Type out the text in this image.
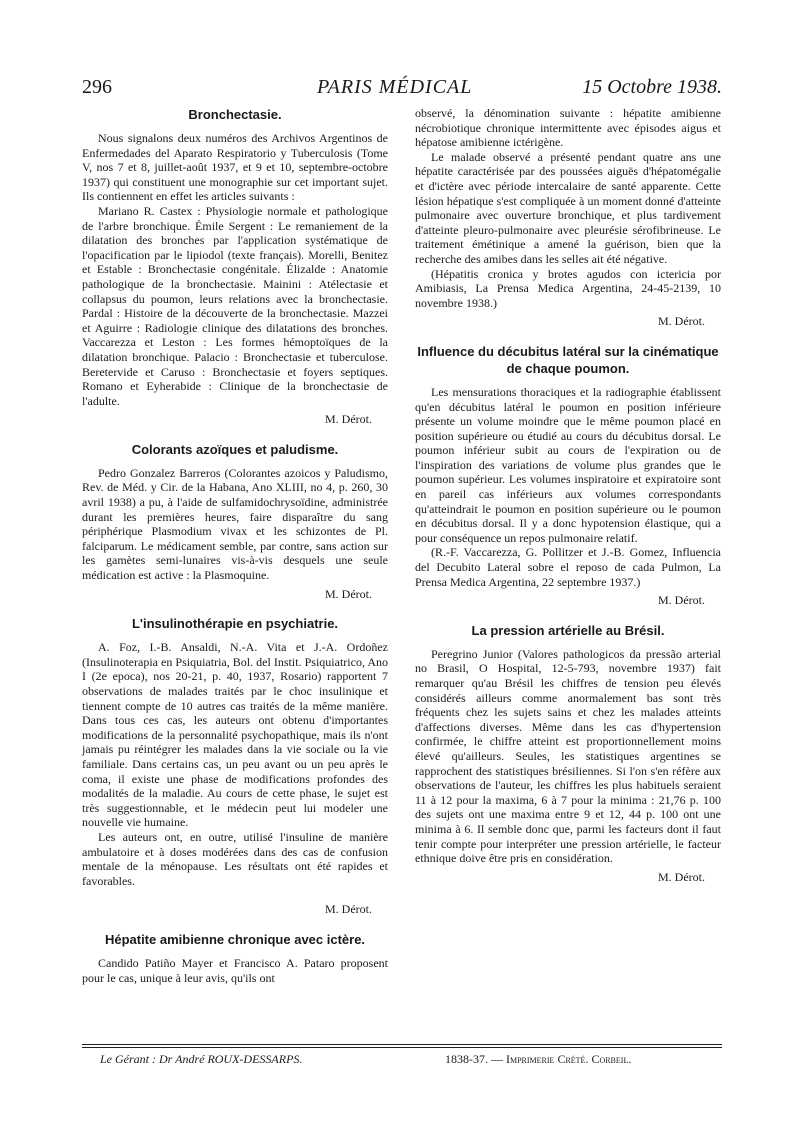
296	PARIS MÉDICAL	15 Octobre 1938.
Bronchectasie.

Nous signalons deux numéros des Archivos Argentinos de Enfermedades del Aparato Respiratorio y Tuberculosis (Tome V, nos 7 et 8, juillet-août 1937, et 9 et 10, septembre-octobre 1937) qui constituent une monographie sur cet important sujet. Ils contiennent en effet les articles suivants :

Mariano R. Castex : Physiologie normale et pathologique de l'arbre bronchique. Émile Sergent : Le remaniement de la dilatation des bronches par l'application systématique de l'opacification par le lipiodol (texte français). Morelli, Benitez et Estable : Bronchectasie congénitale. Élizalde : Anatomie pathologique de la bronchectasie. Mainini : Atélectasie et collapsus du poumon, leurs relations avec la bronchectasie. Pardal : Histoire de la découverte de la bronchectasie. Mazzei et Aguirre : Radiologie clinique des dilatations des bronches. Vaccarezza et Leston : Les formes hémoptoïques de la dilatation bronchique. Palacio : Bronchectasie et tuberculose. Beretervide et Caruso : Bronchectasie et foyers septiques. Romano et Eyherabide : Clinique de la bronchectasie de l'adulte.

M. Dérot.

Colorants azoïques et paludisme.

Pedro Gonzalez Barreros (Colorantes azoicos y Paludismo, Rev. de Méd. y Cir. de la Habana, Ano XLIII, no 4, p. 260, 30 avril 1938) a pu, à l'aide de sulfamidochrysoïdine, administrée durant les premières heures, faire disparaître du sang périphérique Plasmodium vivax et les schizontes de Pl. falciparum. Le médicament semble, par contre, sans action sur les gamètes semi-lunaires vis-à-vis desquels une seule médication est active : la Plasmoquine.

M. Dérot.

L'insulinothérapie en psychiatrie.

A. Foz, I.-B. Ansaldi, N.-A. Vita et J.-A. Ordoñez (Insulinoterapia en Psiquiatria, Bol. del Instit. Psiquiatrico, Ano I (2e epoca), nos 20-21, p. 40, 1937, Rosario) rapportent 7 observations de malades traités par le choc insulinique et tiennent compte de 10 autres cas traités de la même manière. Dans tous ces cas, les auteurs ont obtenu d'importantes modifications de la personnalité psychopathique, mais ils n'ont jamais pu réintégrer les malades dans la vie sociale ou la vie familiale. Dans certains cas, un peu avant ou un peu après le coma, il existe une phase de modifications profondes des modalités de la maladie. Au cours de cette phase, le sujet est très suggestionnable, et le médecin peut lui modeler une nouvelle vie humaine.

Les auteurs ont, en outre, utilisé l'insuline de manière ambulatoire et à doses modérées dans des cas de confusion mentale de la ménopause. Les résultats ont été rapides et favorables.

M. Dérot.

Hépatite amibienne chronique avec ictère.

Candido Patiño Mayer et Francisco A. Pataro proposent pour le cas, unique à leur avis, qu'ils ont

observé, la dénomination suivante : hépatite amibienne nécrobiotique chronique intermittente avec épisodes aigus et hépatose amibienne ictérigène.

Le malade observé a présenté pendant quatre ans une hépatite caractérisée par des poussées aiguës d'hépatomégalie et d'ictère avec période intercalaire de santé apparente. Cette lésion hépatique s'est compliquée à un moment donné d'atteinte pulmonaire avec ouverture bronchique, et plus tardivement d'atteinte pleuro-pulmonaire avec pleurésie sérofibrineuse. Le traitement émétinique a amené la guérison, bien que la recherche des amibes dans les selles ait été négative.

(Hépatitis cronica y brotes agudos con ictericia por Amibiasis, La Prensa Medica Argentina, 24-45-2139, 10 novembre 1938.)

M. Dérot.

Influence du décubitus latéral sur la cinématique de chaque poumon.

Les mensurations thoraciques et la radiographie établissent qu'en décubitus latéral le poumon en position inférieure présente un volume moindre que le même poumon placé en position supérieure ou étudié au cours du décubitus dorsal. Le poumon inférieur subit au cours de l'expiration ou de l'inspiration des variations de volume plus grandes que le poumon supérieur. Les volumes inspiratoire et expiratoire sont en pareil cas inférieurs aux volumes correspondants qu'atteindrait le poumon en position supérieure ou le poumon en décubitus dorsal. Il y a donc hypotension élastique, qui a pour conséquence un repos pulmonaire relatif.

(R.-F. Vaccarezza, G. Pollitzer et J.-B. Gomez, Influencia del Decubito Lateral sobre el reposo de cada Pulmon, La Prensa Medica Argentina, 22 septembre 1937.)

M. Dérot.

La pression artérielle au Brésil.

Peregrino Junior (Valores pathologicos da pressão arterial no Brasil, O Hospital, 12-5-793, novembre 1937) fait remarquer qu'au Brésil les chiffres de tension peu élevés considérés ailleurs comme anormalement bas sont très fréquents chez les sujets sains et chez les malades atteints d'affections diverses. Même dans les cas d'hypertension confirmée, le chiffre atteint est proportionnellement moins élevé qu'ailleurs. Seules, les statistiques argentines se rapprochent des statistiques brésiliennes. Si l'on s'en réfère aux observations de l'auteur, les chiffres les plus habituels seraient 11 à 12 pour la maxima, 6 à 7 pour la minima : 21,76 p. 100 des sujets ont une maxima entre 9 et 12, 44 p. 100 ont une minima à 6. Il semble donc que, parmi les facteurs dont il faut tenir compte pour interpréter une pression artérielle, le facteur ethnique doive être pris en considération.

M. Dérot.

Le Gérant : Dr André ROUX-DESSARPS.	1838-37. — Imprimerie Crété. Corbeil.
